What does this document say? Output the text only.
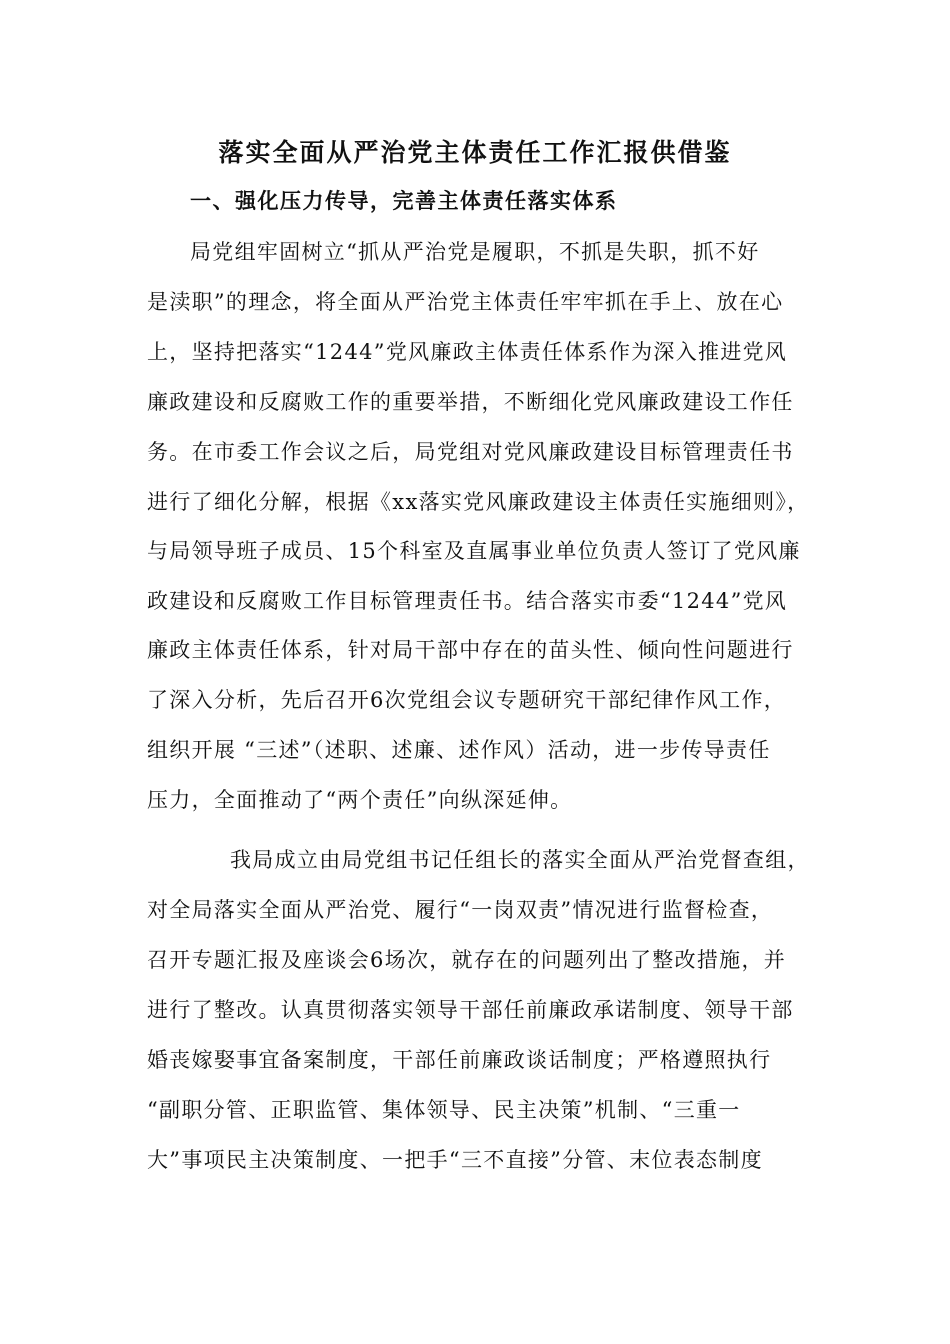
落实全面从严治党主体责任工作汇报供借鉴
一、强化压力传导，完善主体责任落实体系
局党组牢固树立“抓从严治党是履职，不抓是失职，抓不好
是渎职”的理念，将全面从严治党主体责任牢牢抓在手上、放在心
上，坚持把落实“1244”党风廉政主体责任体系作为深入推进党风
廉政建设和反腐败工作的重要举措，不断细化党风廉政建设工作任
务。在市委工作会议之后，局党组对党风廉政建设目标管理责任书
进行了细化分解，根据《xx落实党风廉政建设主体责任实施细则》，
与局领导班子成员、15个科室及直属事业单位负责人签订了党风廉
政建设和反腐败工作目标管理责任书。结合落实市委“1244”党风
廉政主体责任体系，针对局干部中存在的苗头性、倾向性问题进行
了深入分析，先后召开6次党组会议专题研究干部纪律作风工作，
组织开展 “三述”（述职、述廉、述作风）活动，进一步传导责任
压力，全面推动了“两个责任”向纵深延伸。
我局成立由局党组书记任组长的落实全面从严治党督查组，
对全局落实全面从严治党、履行“一岗双责”情况进行监督检查，
召开专题汇报及座谈会6场次，就存在的问题列出了整改措施，并
进行了整改。认真贯彻落实领导干部任前廉政承诺制度、领导干部
婚丧嫁娶事宜备案制度，干部任前廉政谈话制度；严格遵照执行
“副职分管、正职监管、集体领导、民主决策”机制、“三重一
大”事项民主决策制度、一把手“三不直接”分管、末位表态制度
